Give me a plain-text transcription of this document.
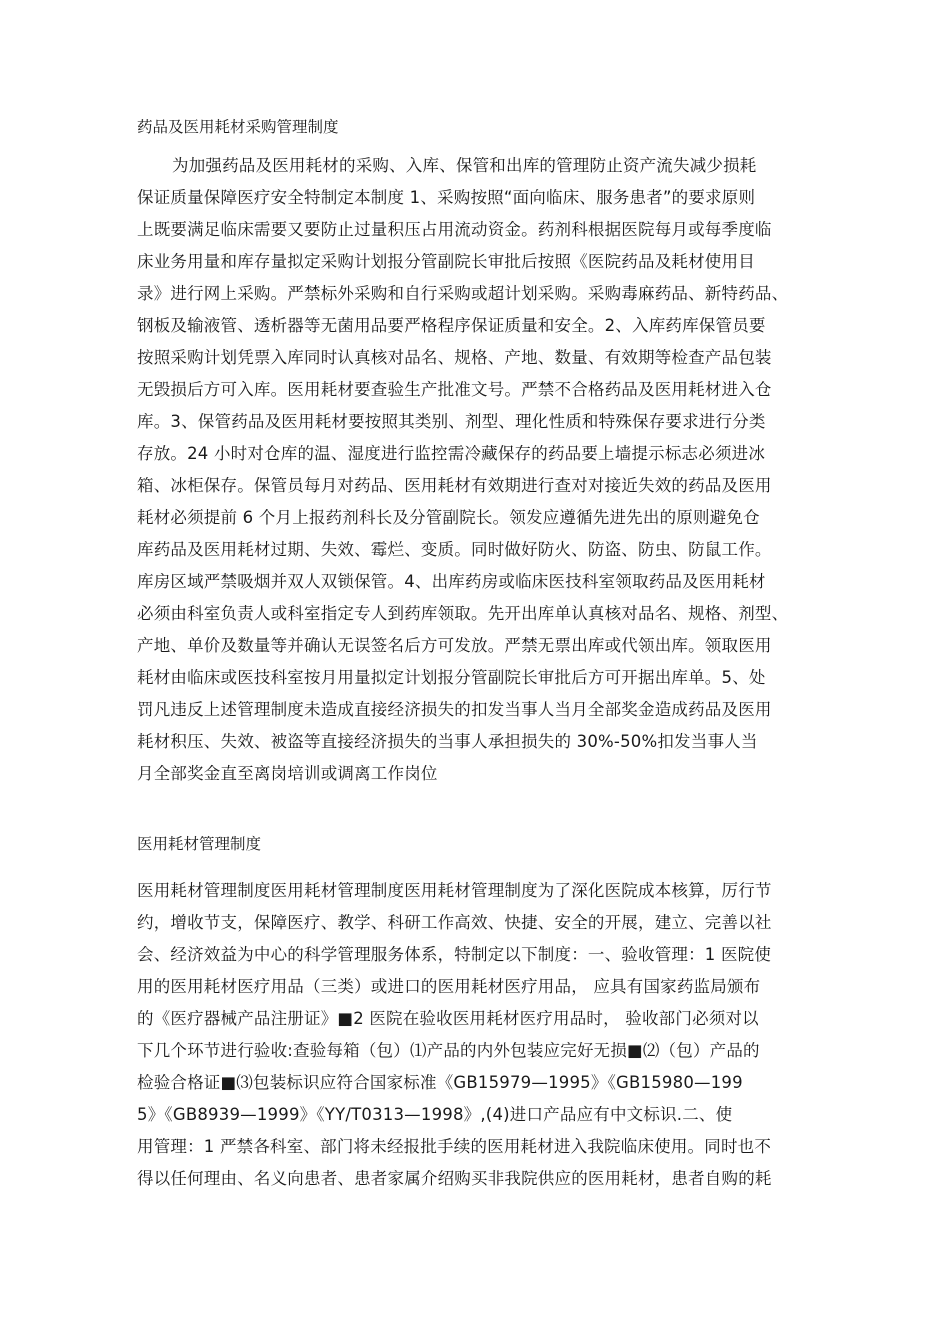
药品及医用耗材采购管理制度
为加强药品及医用耗材的采购、入库、保管和出库的管理防止资产流失减少损耗
保证质量保障医疗安全特制定本制度 1、采购按照“面向临床、服务患者”的要求原则
上既要满足临床需要又要防止过量积压占用流动资金。药剂科根据医院每月或每季度临
床业务用量和库存量拟定采购计划报分管副院长审批后按照《医院药品及耗材使用目
录》进行网上采购。严禁标外采购和自行采购或超计划采购。采购毒麻药品、新特药品、
钢板及输液管、透析器等无菌用品要严格程序保证质量和安全。2、入库药库保管员要
按照采购计划凭票入库同时认真核对品名、规格、产地、数量、有效期等检查产品包装
无毁损后方可入库。医用耗材要查验生产批准文号。严禁不合格药品及医用耗材进入仓
库。3、保管药品及医用耗材要按照其类别、剂型、理化性质和特殊保存要求进行分类
存放。24 小时对仓库的温、湿度进行监控需冷藏保存的药品要上墙提示标志必须进冰
箱、冰柜保存。保管员每月对药品、医用耗材有效期进行查对对接近失效的药品及医用
耗材必须提前 6 个月上报药剂科长及分管副院长。领发应遵循先进先出的原则避免仓
库药品及医用耗材过期、失效、霉烂、变质。同时做好防火、防盗、防虫、防鼠工作。
库房区域严禁吸烟并双人双锁保管。4、出库药房或临床医技科室领取药品及医用耗材
必须由科室负责人或科室指定专人到药库领取。先开出库单认真核对品名、规格、剂型、
产地、单价及数量等并确认无误签名后方可发放。严禁无票出库或代领出库。领取医用
耗材由临床或医技科室按月用量拟定计划报分管副院长审批后方可开据出库单。5、处
罚凡违反上述管理制度未造成直接经济损失的扣发当事人当月全部奖金造成药品及医用
耗材积压、失效、被盗等直接经济损失的当事人承担损失的 30%-50%扣发当事人当
月全部奖金直至离岗培训或调离工作岗位
医用耗材管理制度
医用耗材管理制度医用耗材管理制度医用耗材管理制度为了深化医院成本核算，厉行节
约，增收节支，保障医疗、教学、科研工作高效、快捷、安全的开展，建立、完善以社
会、经济效益为中心的科学管理服务体系，特制定以下制度：一、验收管理：1 医院使
用的医用耗材医疗用品（三类）或进口的医用耗材医疗用品， 应具有国家药监局颁布
的《医疗器械产品注册证》■2 医院在验收医用耗材医疗用品时， 验收部门必须对以
下几个环节进行验收:查验每箱（包）⑴产品的内外包装应完好无损■⑵（包）产品的
检验合格证■⑶包装标识应符合国家标准《GB15979—1995》《GB15980—199
5》《GB8939—1999》《YY/T0313—1998》,(4)进口产品应有中文标识.二、使
用管理：1 严禁各科室、部门将未经报批手续的医用耗材进入我院临床使用。同时也不
得以任何理由、名义向患者、患者家属介绍购买非我院供应的医用耗材，患者自购的耗
